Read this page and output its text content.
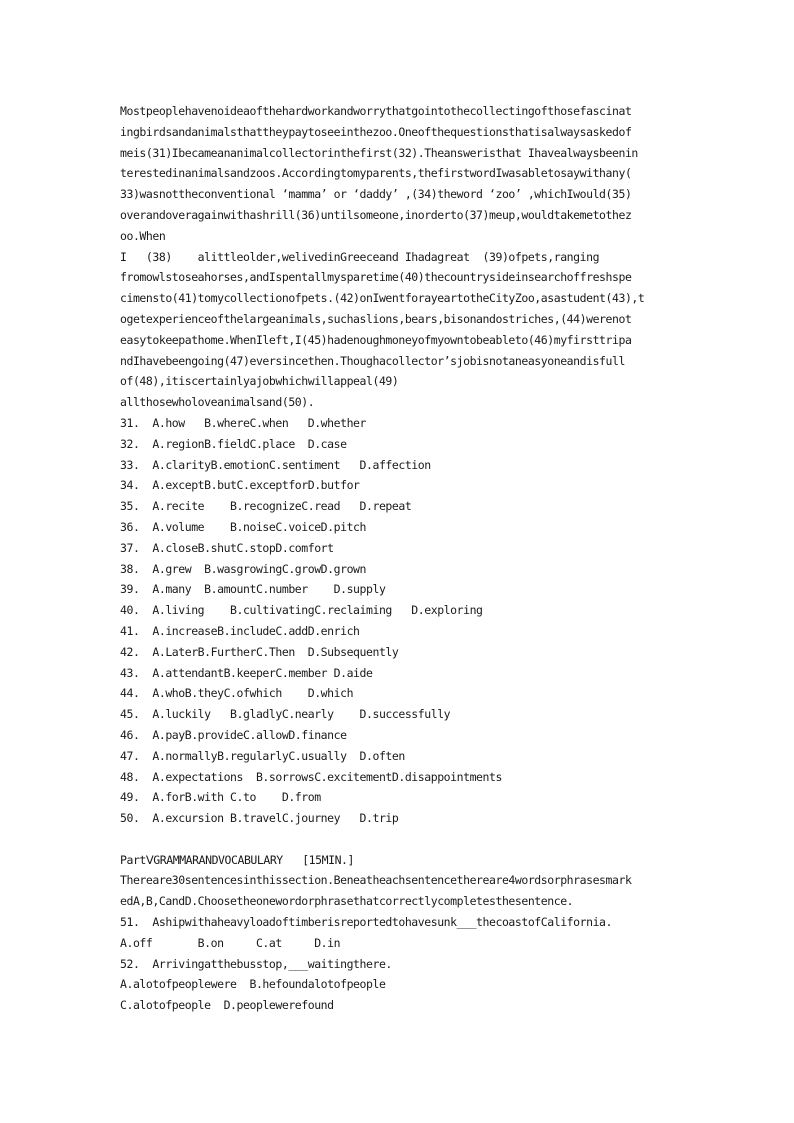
Mostpeoplehavenoideaofthehardworkandworrythatgointothecollectingofthosefascinat
ingbirdsandanimalsthattheypaytoseeinthezoo.Oneofthequestionsthatisalwaysaskedof
meis(31)Ibecameananimalcollectorinthefirst(32).Theansweristhat Ihavealwaysbeenin
terestedinanimalsandzoos.Accordingtomyparents,thefirstwordIwasabletosaywithany(
33)wasnottheconventional ‘mamma’ or ‘daddy’ ,(34)theword ‘zoo’ ,whichIwould(35)
overandoveragainwithashrill(36)untilsomeone,inorderto(37)meup,wouldtakemetothez
oo.When
I   (38)    alittleolder,welivedinGreeceand Ihadagreat  (39)ofpets,ranging
fromowlstoseahorses,andIspentallmysparetime(40)thecountrysideinsearchoffreshspe
cimensto(41)tomycollectionofpets.(42)onIwentforayeartotheCityZoo,asastudent(43),t
ogetexperienceofthelargeanimals,suchaslions,bears,bisonandostriches,(44)werenot
easytokeepathome.WhenIleft,I(45)hadenoughmoneyofmyowntobeableto(46)myfirsttripa
ndIhavebeengoing(47)eversincethen.Thoughacollector’sjobisnotaneasyoneandisfull
of(48),itiscertainlyajobwhichwillappeal(49)
allthosewholoveanimalsand(50).
31.  A.how   B.whereC.when   D.whether
32.  A.regionB.fieldC.place  D.case
33.  A.clarityB.emotionC.sentiment   D.affection
34.  A.exceptB.butC.exceptforD.butfor
35.  A.recite    B.recognizeC.read   D.repeat
36.  A.volume    B.noiseC.voiceD.pitch
37.  A.closeB.shutC.stopD.comfort
38.  A.grew  B.wasgrowingC.growD.grown
39.  A.many  B.amountC.number    D.supply
40.  A.living    B.cultivatingC.reclaiming   D.exploring
41.  A.increaseB.includeC.addD.enrich
42.  A.LaterB.FurtherC.Then  D.Subsequently
43.  A.attendantB.keeperC.member D.aide
44.  A.whoB.theyC.ofwhich    D.which
45.  A.luckily   B.gladlyC.nearly    D.successfully
46.  A.payB.provideC.allowD.finance
47.  A.normallyB.regularlyC.usually  D.often
48.  A.expectations  B.sorrowsC.excitementD.disappointments
49.  A.forB.with C.to    D.from
50.  A.excursion B.travelC.journey   D.trip
PartⅤGRAMMARANDVOCABULARY   [15MIN.]
Thereare30sentencesinthissection.Beneatheachsentencethereare4wordsorphrasesmark
edA,B,CandD.Choosetheonewordorphrasethatcorrectlycompletesthesentence.
51.  Ashipwithaheavyloadoftimberisreportedtohavesunk___thecoastofCalifornia.
A.off       B.on     C.at     D.in
52.  Arrivingatthebusstop,___waitingthere.
A.alotofpeoplewere  B.hefoundalotofpeople
C.alotofpeople  D.peoplewerefound
